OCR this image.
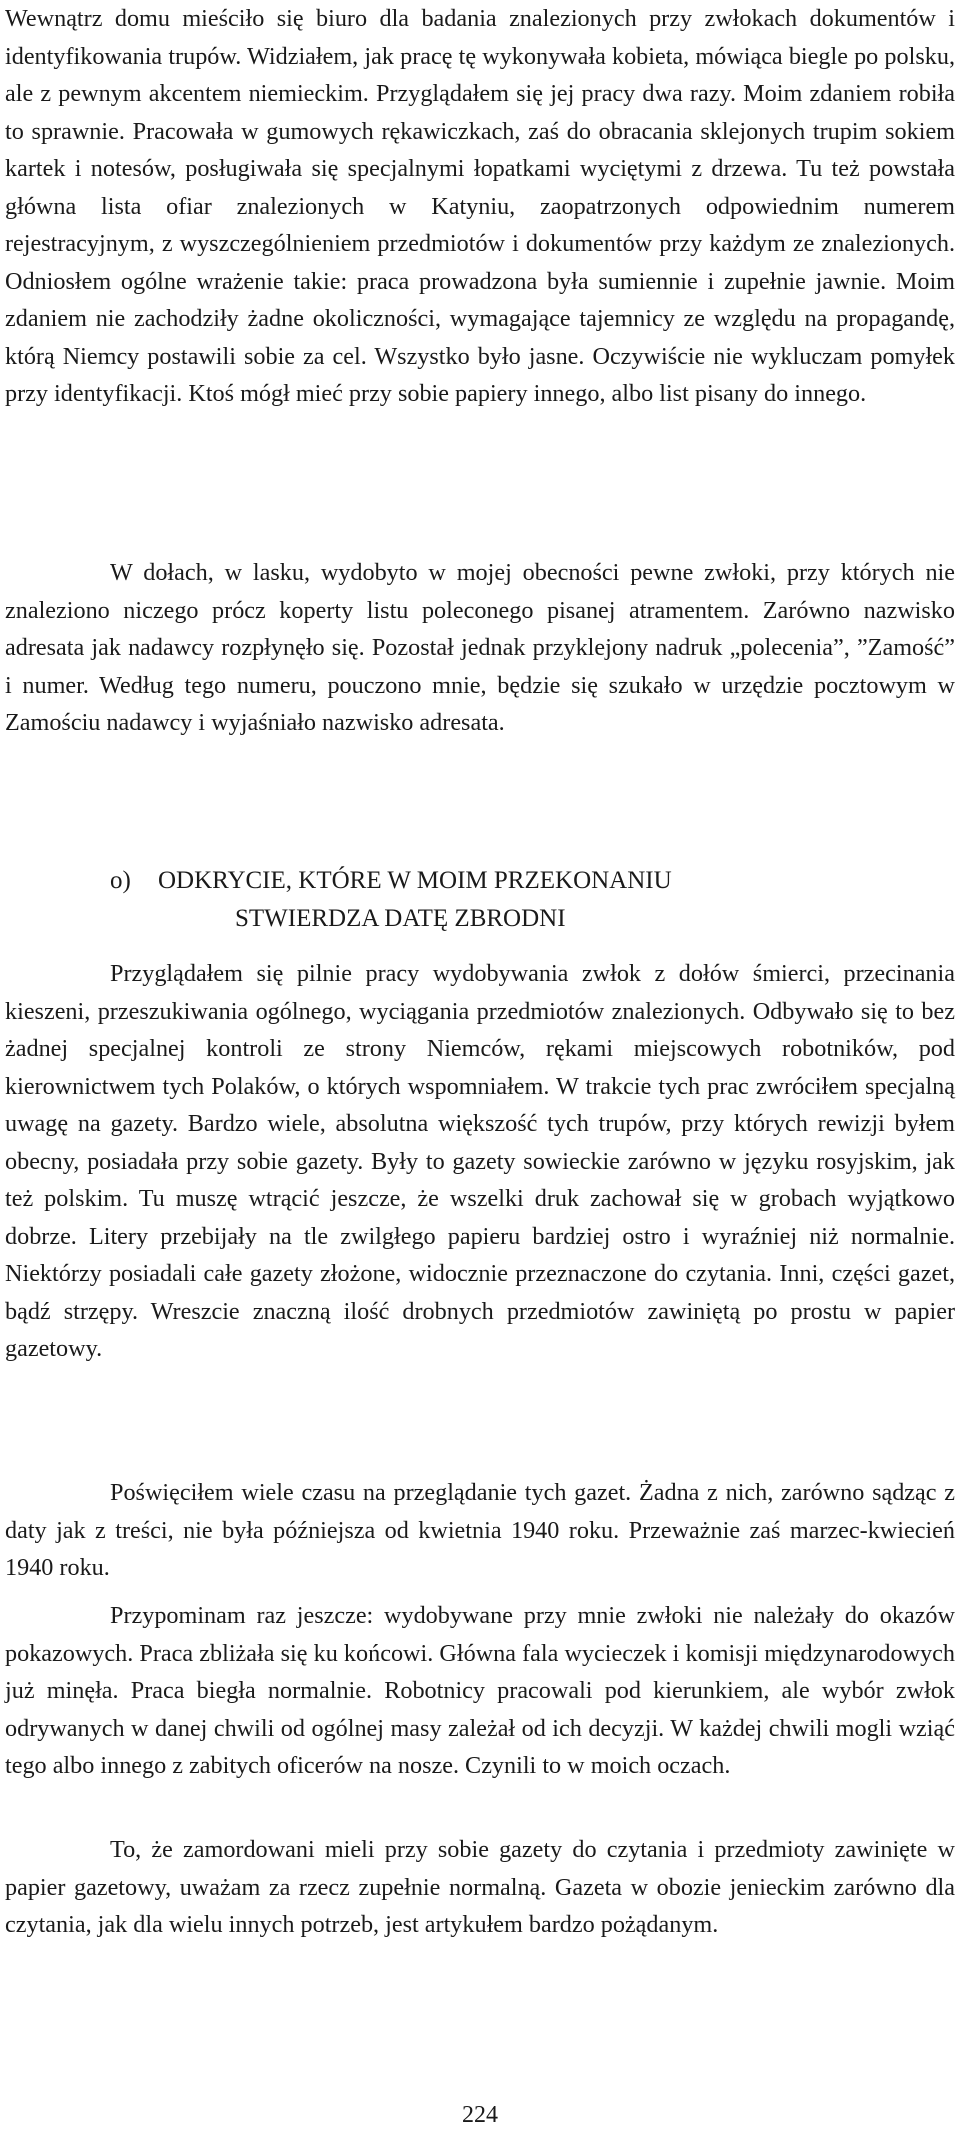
Wewnątrz domu mieściło się biuro dla badania znalezionych przy zwłokach dokumentów i identyfikowania trupów. Widziałem, jak pracę tę wykonywała kobieta, mówiąca biegle po polsku, ale z pewnym akcentem niemieckim. Przyglądałem się jej pracy dwa razy. Moim zdaniem robiła to sprawnie. Pracowała w gumowych rękawiczkach, zaś do obracania sklejonych trupim sokiem kartek i notesów, posługiwała się specjalnymi łopatkami wyciętymi z drzewa. Tu też powstała główna lista ofiar znalezionych w Katyniu, zaopatrzonych odpowiednim numerem rejestracyjnym, z wyszczególnieniem przedmiotów i dokumentów przy każdym ze znalezionych. Odniosłem ogólne wrażenie takie: praca prowadzona była sumiennie i zupełnie jawnie. Moim zdaniem nie zachodziły żadne okoliczności, wymagające tajemnicy ze względu na propagandę, którą Niemcy postawili sobie za cel. Wszystko było jasne. Oczywiście nie wykluczam pomyłek przy identyfikacji. Ktoś mógł mieć przy sobie papiery innego, albo list pisany do innego.

W dołach, w lasku, wydobyto w mojej obecności pewne zwłoki, przy których nie znaleziono niczego prócz koperty listu poleconego pisanej atramentem. Zarówno nazwisko adresata jak nadawcy rozpłynęło się. Pozostał jednak przyklejony nadruk „polecenia”, ”Zamość” i numer. Według tego numeru, pouczono mnie, będzie się szukało w urzędzie pocztowym w Zamościu nadawcy i wyjaśniało nazwisko adresata.

o) ODKRYCIE, KTÓRE W MOIM PRZEKONANIU
STWIERDZA DATĘ ZBRODNI

Przyglądałem się pilnie pracy wydobywania zwłok z dołów śmierci, przecinania kieszeni, przeszukiwania ogólnego, wyciągania przedmiotów znalezionych. Odbywało się to bez żadnej specjalnej kontroli ze strony Niemców, rękami miejscowych robotników, pod kierownictwem tych Polaków, o których wspomniałem. W trakcie tych prac zwróciłem specjalną uwagę na gazety. Bardzo wiele, absolutna większość tych trupów, przy których rewizji byłem obecny, posiadała przy sobie gazety. Były to gazety sowieckie zarówno w języku rosyjskim, jak też polskim. Tu muszę wtrącić jeszcze, że wszelki druk zachował się w grobach wyjątkowo dobrze. Litery przebijały na tle zwilgłego papieru bardziej ostro i wyraźniej niż normalnie. Niektórzy posiadali całe gazety złożone, widocznie przeznaczone do czytania. Inni, części gazet, bądź strzępy. Wreszcie znaczną ilość drobnych przedmiotów zawiniętą po prostu w papier gazetowy.

Poświęciłem wiele czasu na przeglądanie tych gazet. Żadna z nich, zarówno sądząc z daty jak z treści, nie była późniejsza od kwietnia 1940 roku. Przeważnie zaś marzec-kwiecień 1940 roku.

Przypominam raz jeszcze: wydobywane przy mnie zwłoki nie należały do okazów pokazowych. Praca zbliżała się ku końcowi. Główna fala wycieczek i komisji międzynarodowych już minęła. Praca biegła normalnie. Robotnicy pracowali pod kierunkiem, ale wybór zwłok odrywanych w danej chwili od ogólnej masy zależał od ich decyzji. W każdej chwili mogli wziąć tego albo innego z zabitych oficerów na nosze. Czynili to w moich oczach.

To, że zamordowani mieli przy sobie gazety do czytania i przedmioty zawinięte w papier gazetowy, uważam za rzecz zupełnie normalną. Gazeta w obozie jenieckim zarówno dla czytania, jak dla wielu innych potrzeb, jest artykułem bardzo pożądanym.

224
